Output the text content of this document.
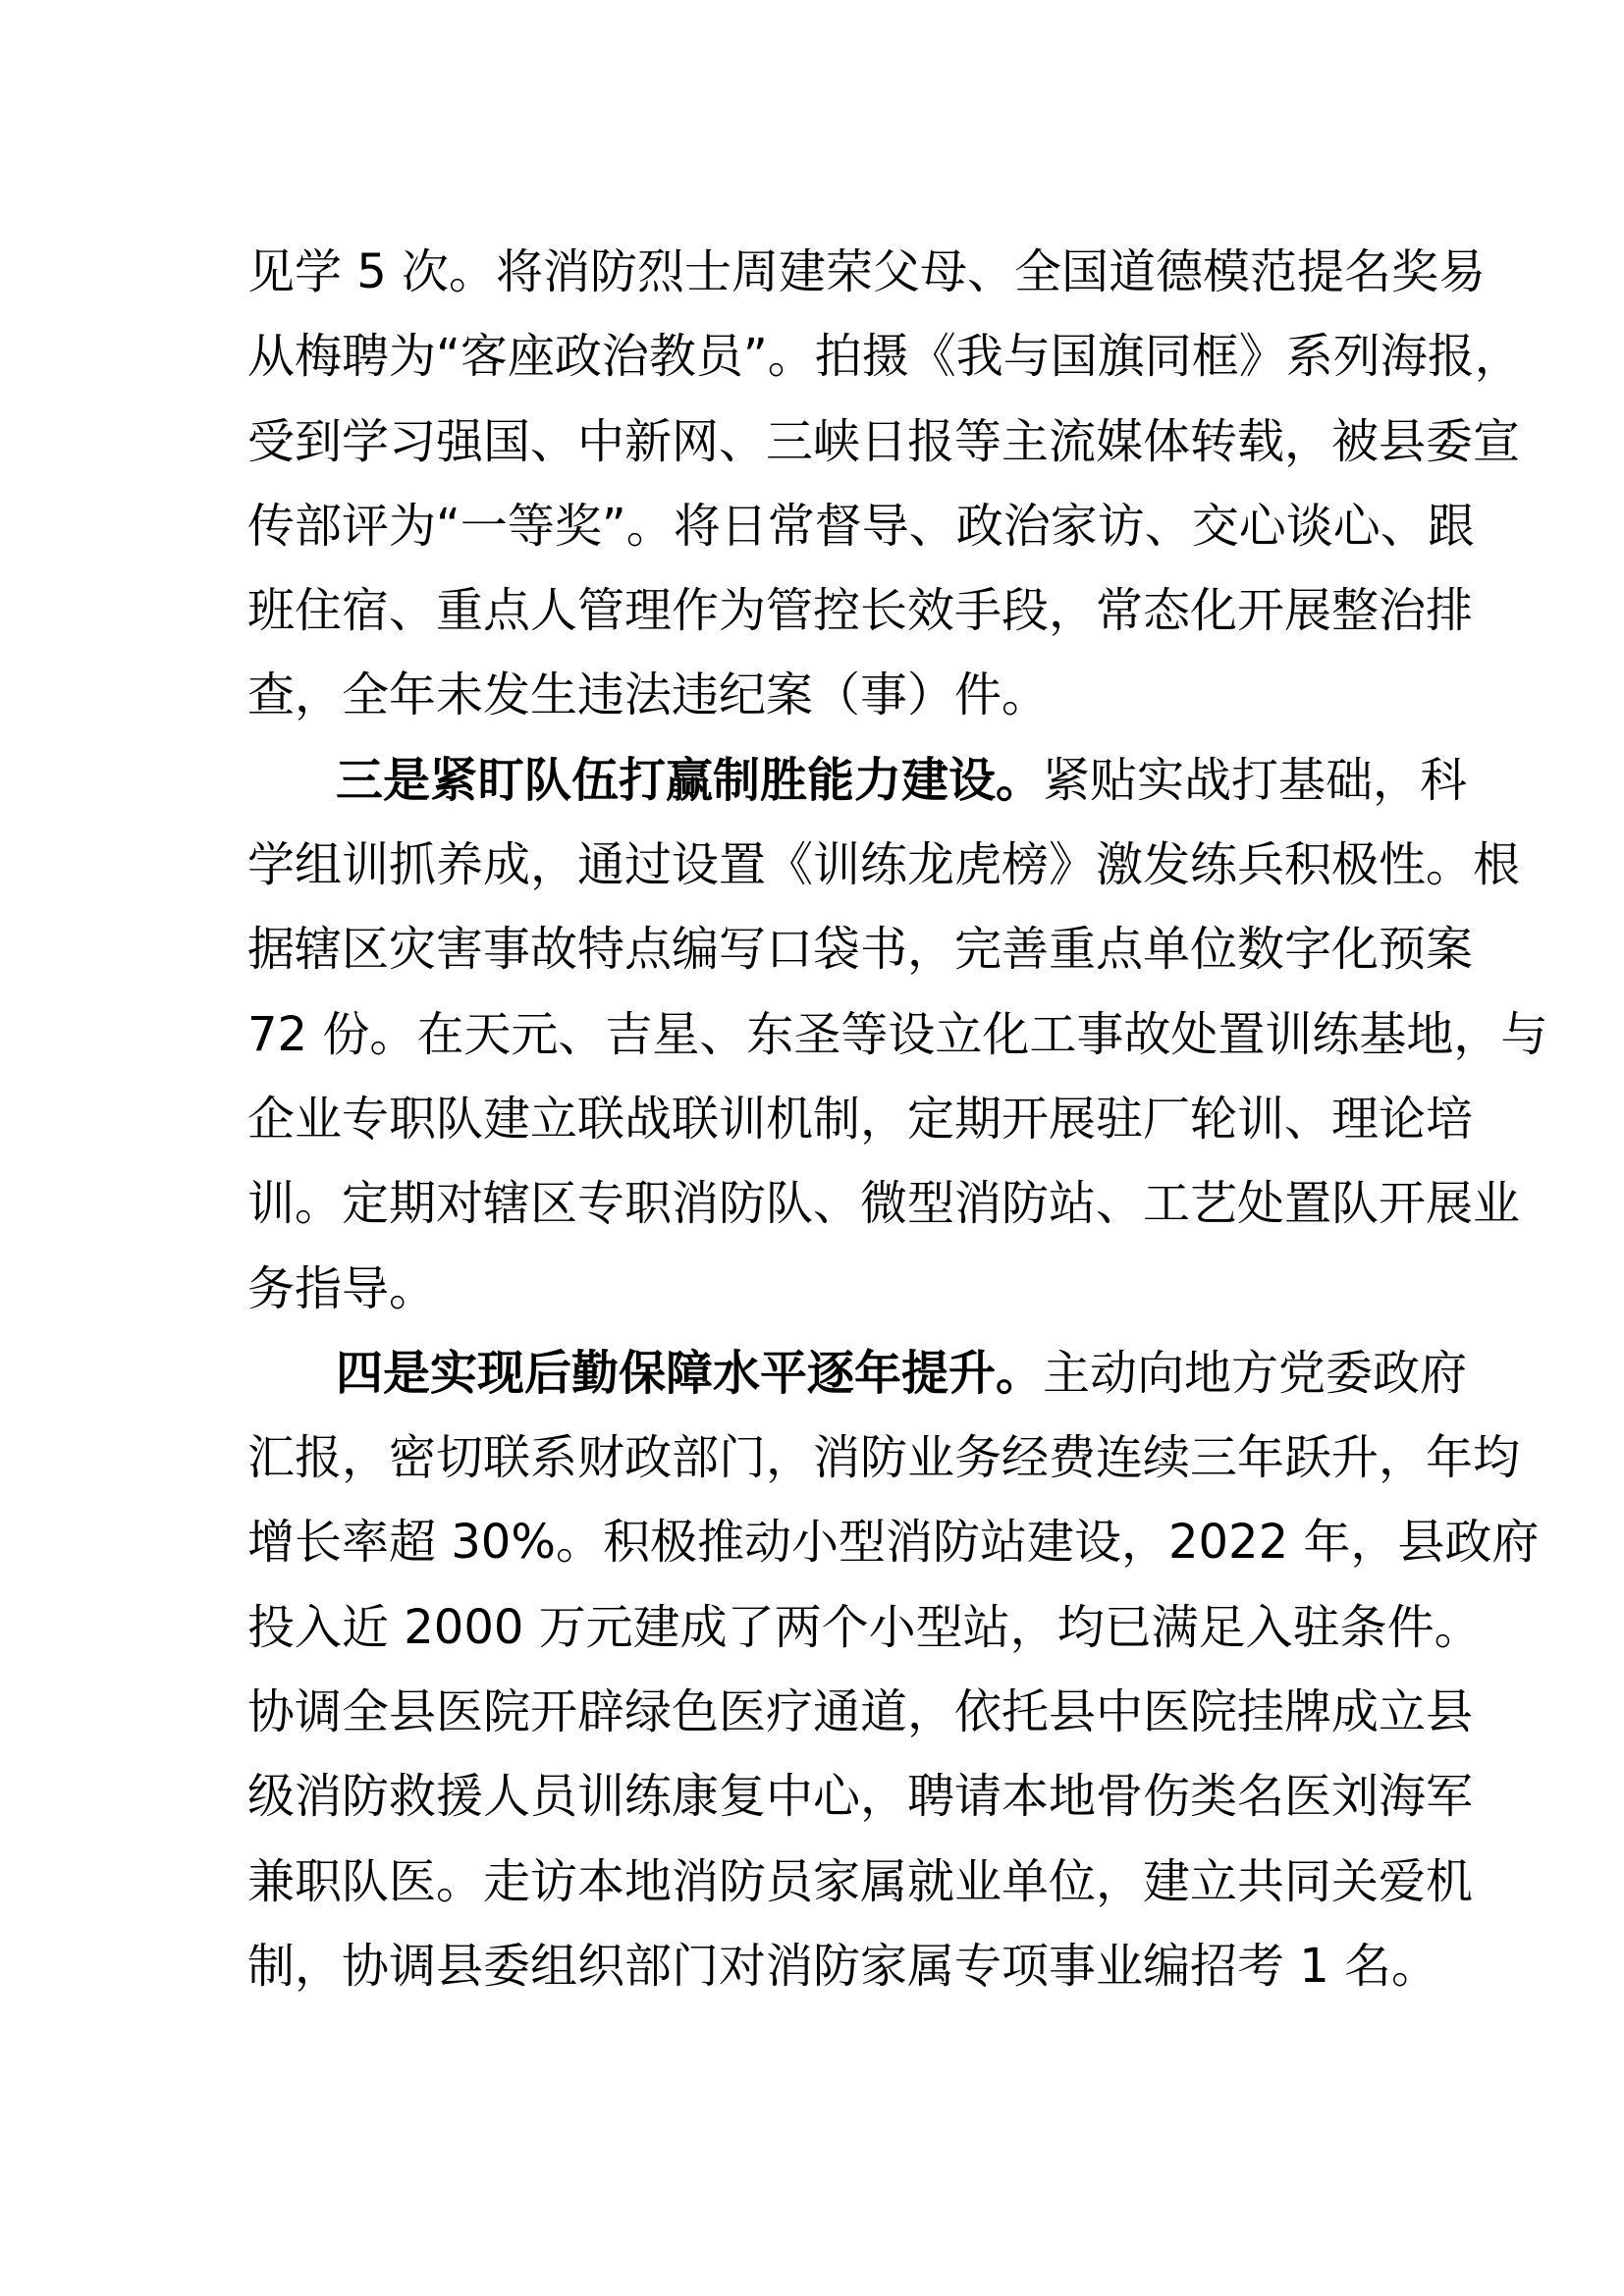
见学 5 次。将消防烈士周建荣父母、全国道德模范提名奖易
从梅聘为“客座政治教员”。拍摄《我与国旗同框》系列海报，
受到学习强国、中新网、三峡日报等主流媒体转载，被县委宣
传部评为“一等奖”。将日常督导、政治家访、交心谈心、跟
班住宿、重点人管理作为管控长效手段，常态化开展整治排
查，全年未发生违法违纪案（事）件。
三是紧盯队伍打赢制胜能力建设。紧贴实战打基础，科
学组训抓养成，通过设置《训练龙虎榜》激发练兵积极性。根
据辖区灾害事故特点编写口袋书，完善重点单位数字化预案
72 份。在天元、吉星、东圣等设立化工事故处置训练基地，与
企业专职队建立联战联训机制，定期开展驻厂轮训、理论培
训。定期对辖区专职消防队、微型消防站、工艺处置队开展业
务指导。
四是实现后勤保障水平逐年提升。主动向地方党委政府
汇报，密切联系财政部门，消防业务经费连续三年跃升，年均
增长率超 30%。积极推动小型消防站建设，2022 年，县政府
投入近 2000 万元建成了两个小型站，均已满足入驻条件。
协调全县医院开辟绿色医疗通道，依托县中医院挂牌成立县
级消防救援人员训练康复中心，聘请本地骨伤类名医刘海军
兼职队医。走访本地消防员家属就业单位，建立共同关爱机
制，协调县委组织部门对消防家属专项事业编招考 1 名。
